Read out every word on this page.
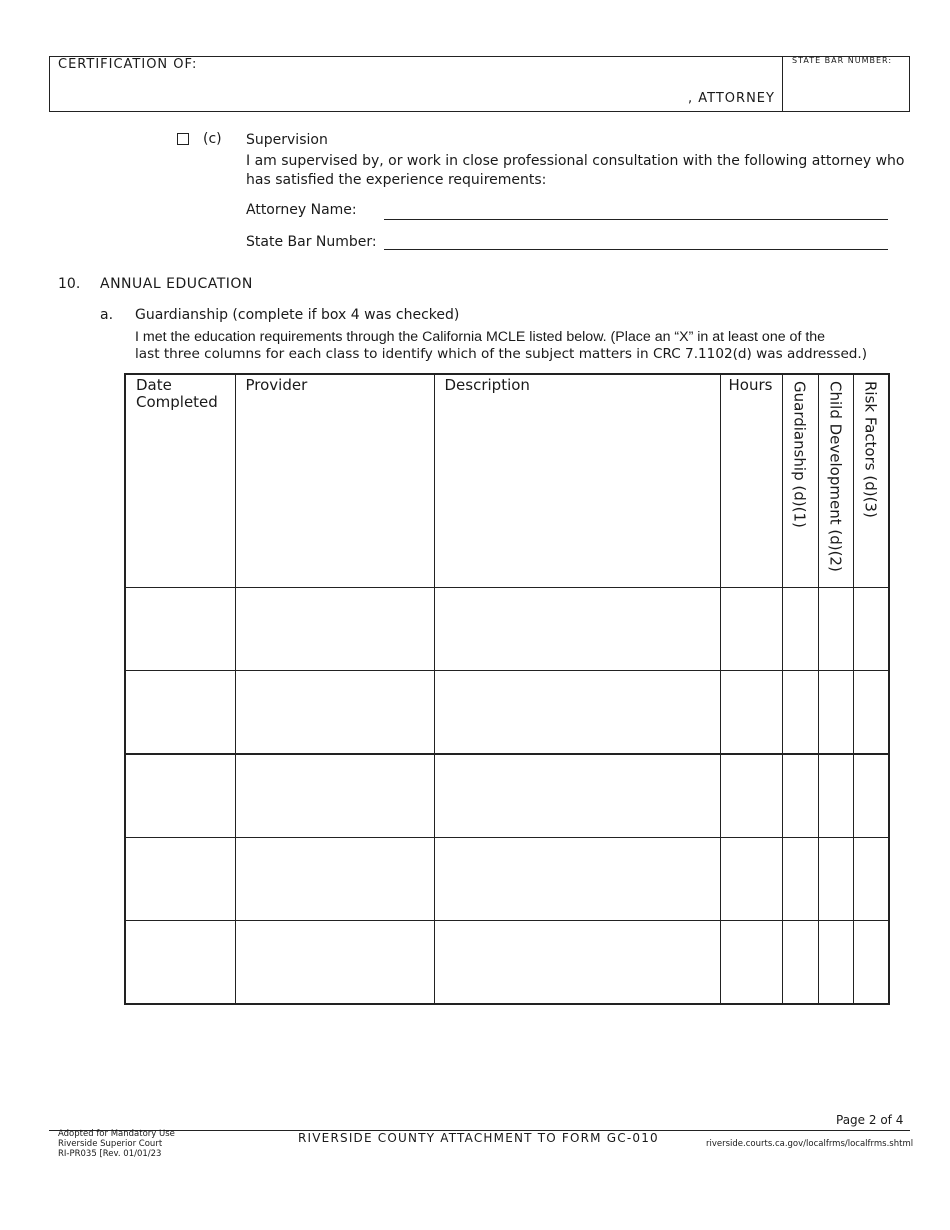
CERTIFICATION OF:
, ATTORNEY
STATE BAR NUMBER:
(c) Supervision
I am supervised by, or work in close professional consultation with the following attorney who
has satisfied the experience requirements:
Attorney Name:
State Bar Number:
10. ANNUAL EDUCATION
a. Guardianship (complete if box 4 was checked)
I met the education requirements through the California MCLE listed below. (Place an “X” in at least one of the
last three columns for each class to identify which of the subject matters in CRC 7.1102(d) was addressed.)
Date Completed	Provider	Description	Hours	Guardianship (d)(1)	Child Development (d)(2)	Risk Factors (d)(3)

Page 2 of 4
Adopted for Mandatory Use
Riverside Superior Court
RI-PR035 [Rev. 01/01/23
RIVERSIDE COUNTY ATTACHMENT TO FORM GC-010	riverside.courts.ca.gov/localfrms/localfrms.shtml
